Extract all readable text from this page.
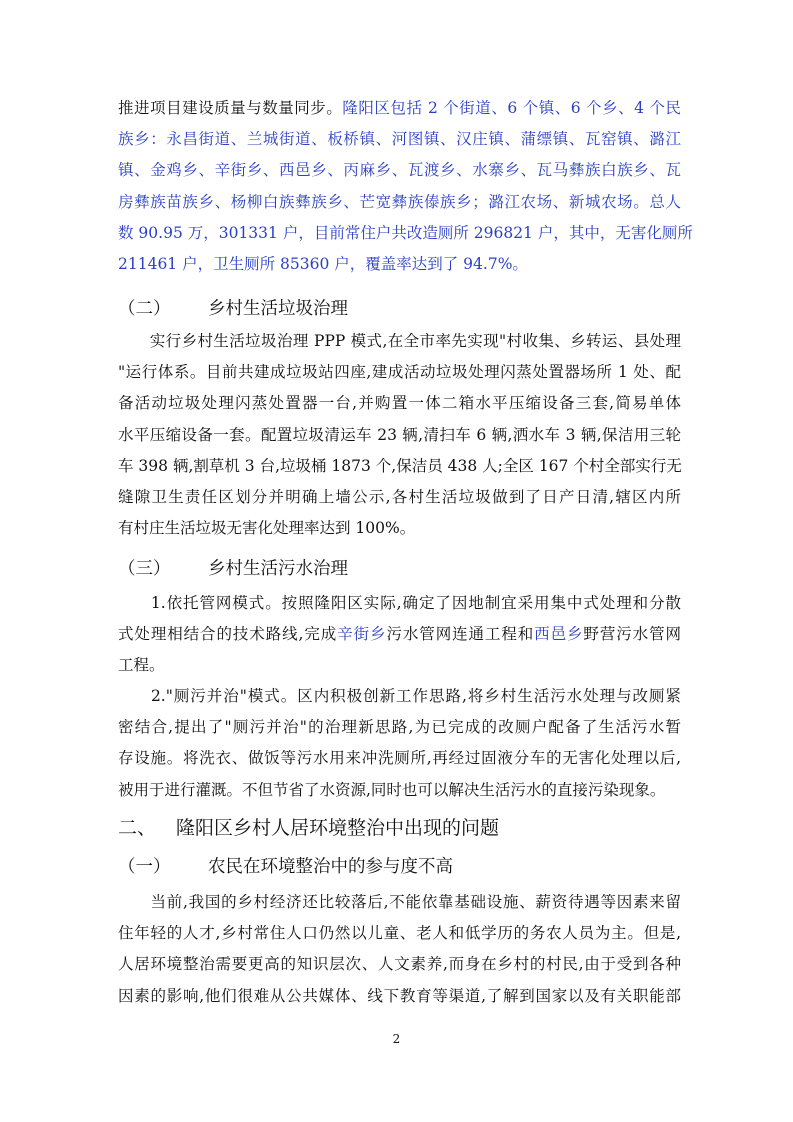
推进项目建设质量与数量同步。隆阳区包括 2 个街道、6 个镇、6 个乡、4 个民
族乡：永昌街道、兰城街道、板桥镇、河图镇、汉庄镇、蒲缥镇、瓦窑镇、潞江
镇、金鸡乡、辛街乡、西邑乡、丙麻乡、瓦渡乡、水寨乡、瓦马彝族白族乡、瓦
房彝族苗族乡、杨柳白族彝族乡、芒宽彝族傣族乡；潞江农场、新城农场。总人
数 90.95 万，301331 户，目前常住户共改造厕所 296821 户，其中，无害化厕所
211461 户，卫生厕所 85360 户，覆盖率达到了 94.7%。
（二） 乡村生活垃圾治理
　　实行乡村生活垃圾治理 PPP 模式,在全市率先实现"村收集、乡转运、县处理
"运行体系。目前共建成垃圾站四座,建成活动垃圾处理闪蒸处置器场所 1 处、配
备活动垃圾处理闪蒸处置器一台,并购置一体二箱水平压缩设备三套,简易单体
水平压缩设备一套。配置垃圾清运车 23 辆,清扫车 6 辆,洒水车 3 辆,保洁用三轮
车 398 辆,割草机 3 台,垃圾桶 1873 个,保洁员 438 人;全区 167 个村全部实行无
缝隙卫生责任区划分并明确上墙公示,各村生活垃圾做到了日产日清,辖区内所
有村庄生活垃圾无害化处理率达到 100%。
（三） 乡村生活污水治理
　　1.依托管网模式。按照隆阳区实际,确定了因地制宜采用集中式处理和分散
式处理相结合的技术路线,完成辛街乡污水管网连通工程和西邑乡野营污水管网
工程。
　　2."厕污并治"模式。区内积极创新工作思路,将乡村生活污水处理与改厕紧
密结合,提出了"厕污并治"的治理新思路,为已完成的改厕户配备了生活污水暂
存设施。将洗衣、做饭等污水用来冲洗厕所,再经过固液分车的无害化处理以后,
被用于进行灌溉。不但节省了水资源,同时也可以解决生活污水的直接污染现象。
二、 隆阳区乡村人居环境整治中出现的问题
（一） 农民在环境整治中的参与度不高
　　当前,我国的乡村经济还比较落后,不能依靠基础设施、薪资待遇等因素来留
住年轻的人才,乡村常住人口仍然以儿童、老人和低学历的务农人员为主。但是,
人居环境整治需要更高的知识层次、人文素养,而身在乡村的村民,由于受到各种
因素的影响,他们很难从公共媒体、线下教育等渠道,了解到国家以及有关职能部
2
